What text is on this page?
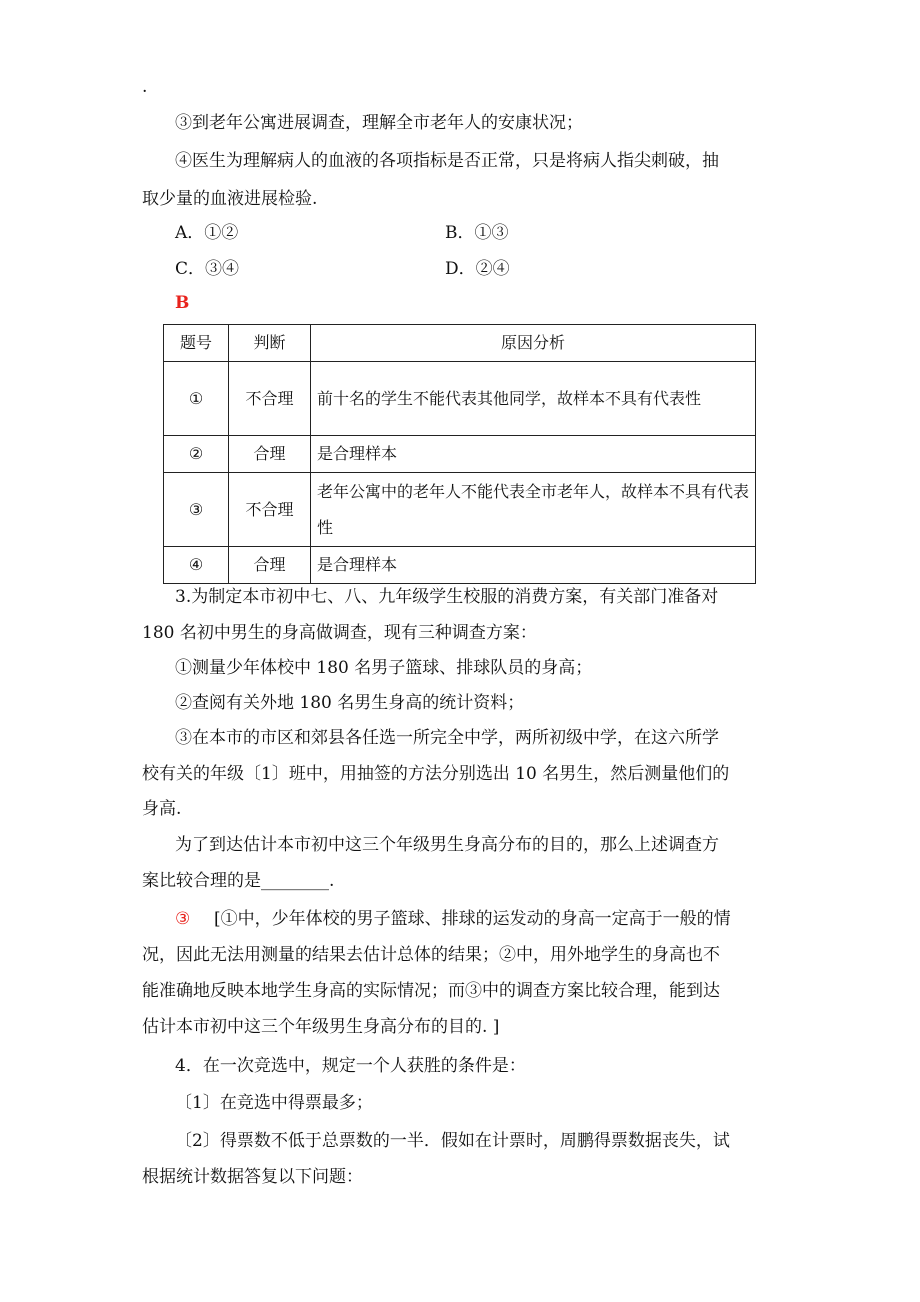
.
③到老年公寓进展调查，理解全市老年人的安康状况；
④医生为理解病人的血液的各项指标是否正常，只是将病人指尖刺破，抽
取少量的血液进展检验.
A．①②	B．①③
C．③④	D．②④
B
题号	判断	原因分析
①	不合理	前十名的学生不能代表其他同学，故样本不具有代表性
②	合理	是合理样本
③	不合理	老年公寓中的老年人不能代表全市老年人，故样本不具有代表性
④	合理	是合理样本
3.为制定本市初中七、八、九年级学生校服的消费方案，有关部门准备对
180 名初中男生的身高做调查，现有三种调查方案：
①测量少年体校中 180 名男子篮球、排球队员的身高；
②查阅有关外地 180 名男生身高的统计资料；
③在本市的市区和郊县各任选一所完全中学，两所初级中学，在这六所学
校有关的年级〔1〕班中，用抽签的方法分别选出 10 名男生，然后测量他们的
身高.
为了到达估计本市初中这三个年级男生身高分布的目的，那么上述调查方
案比较合理的是________.
③ [①中，少年体校的男子篮球、排球的运发动的身高一定高于一般的情
况，因此无法用测量的结果去估计总体的结果；②中，用外地学生的身高也不
能准确地反映本地学生身高的实际情况；而③中的调查方案比较合理，能到达
估计本市初中这三个年级男生身高分布的目的. ]
4．在一次竞选中，规定一个人获胜的条件是：
〔1〕在竞选中得票最多；
〔2〕得票数不低于总票数的一半．假如在计票时，周鹏得票数据丧失，试
根据统计数据答复以下问题：
